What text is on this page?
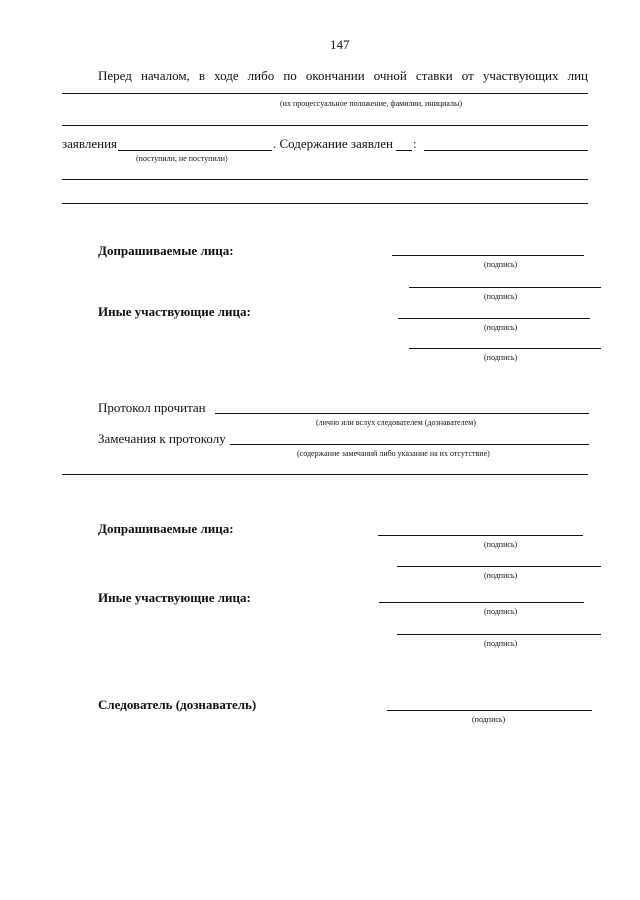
147
Перед началом, в ходе либо по окончании очной ставки от участвующих лиц
(их процессуальное положение, фамилии, инициалы)
заявления	. Содержание заявлен :
(поступили, не поступили)
Допрашиваемые лица:
(подпись)
(подпись)
Иные участвующие лица:
(подпись)
(подпись)
Протокол прочитан
(лично или вслух следователем (дознавателем)
Замечания к протоколу
(содержание замечаний либо указание на их отсутствие)
Допрашиваемые лица:
(подпись)
(подпись)
Иные участвующие лица:
(подпись)
(подпись)
Следователь (дознаватель)
(подпись)
